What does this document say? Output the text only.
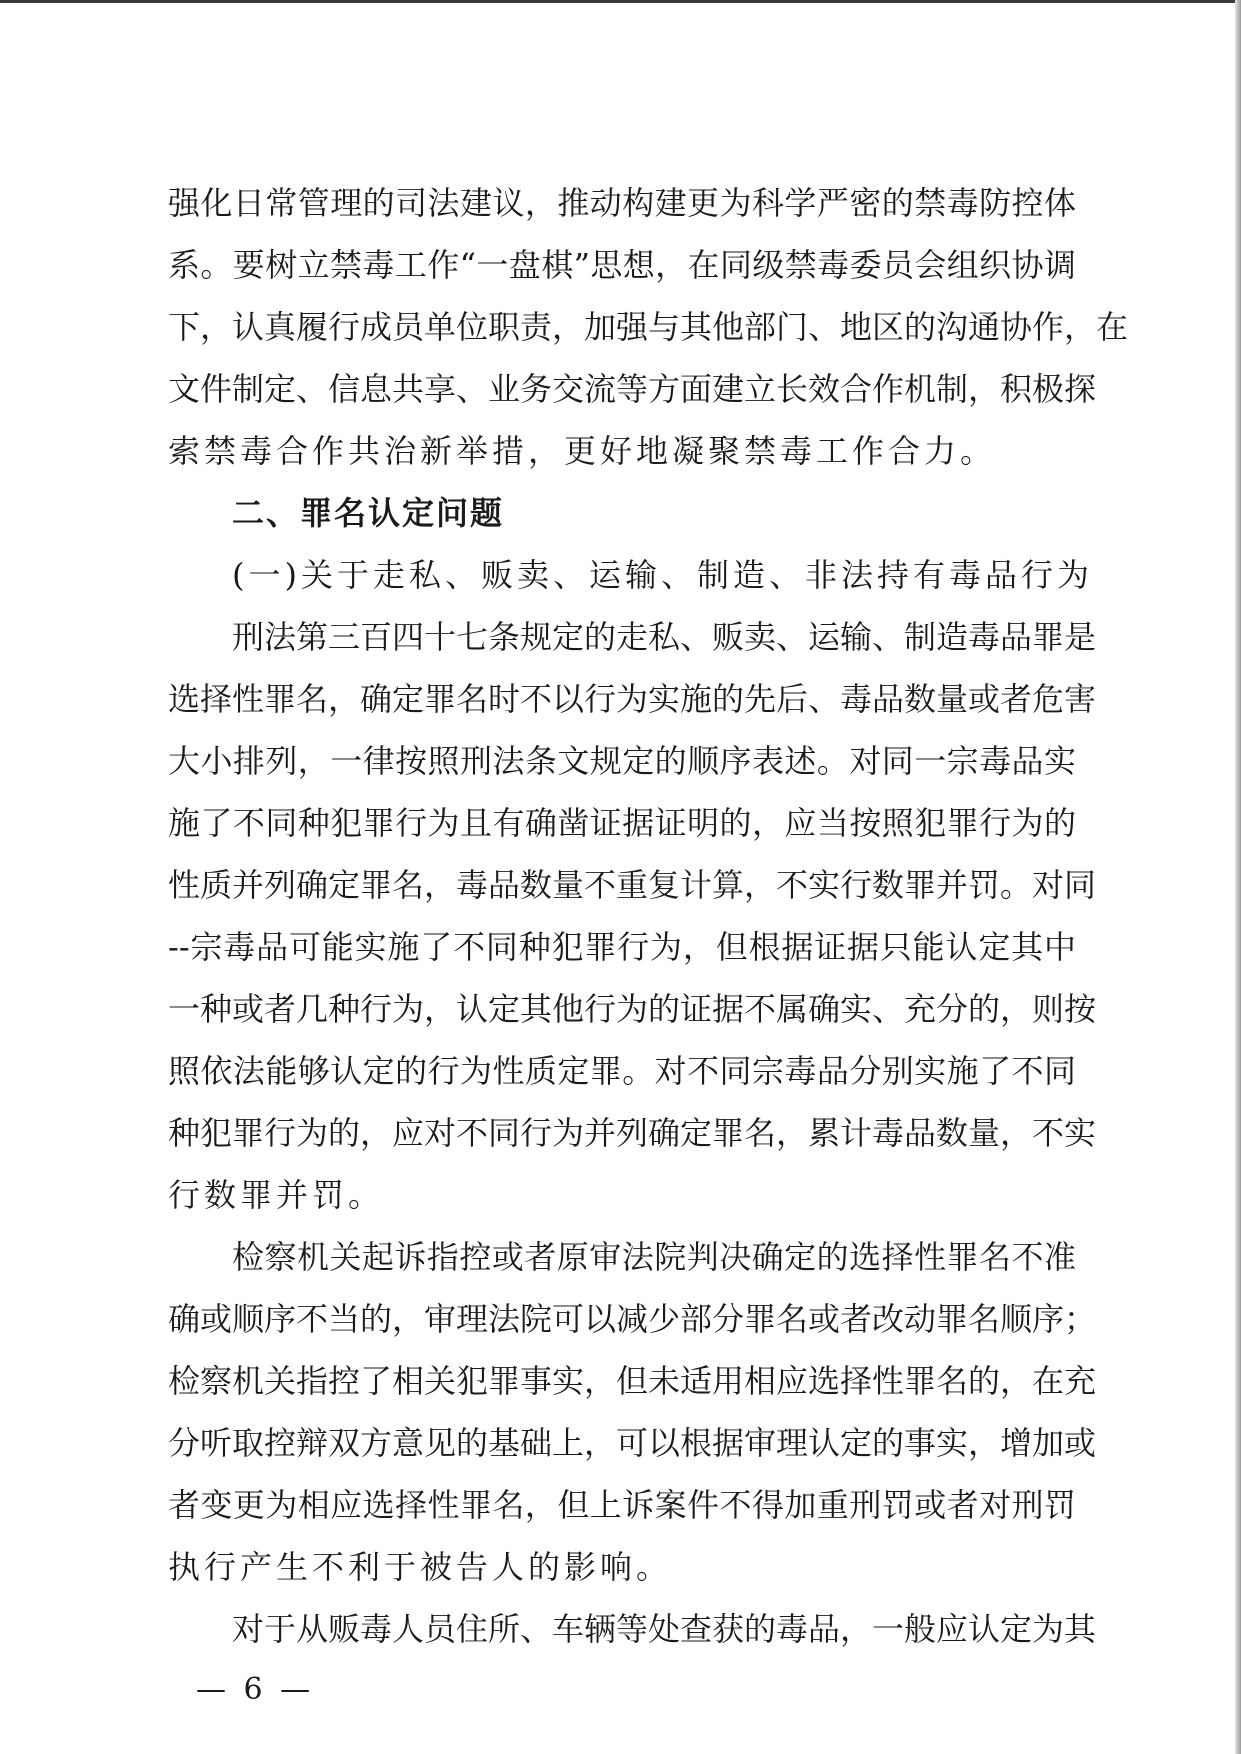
强化日常管理的司法建议，推动构建更为科学严密的禁毒防控体
系。要树立禁毒工作“一盘棋”思想，在同级禁毒委员会组织协调
下，认真履行成员单位职责，加强与其他部门、地区的沟通协作，在
文件制定、信息共享、业务交流等方面建立长效合作机制，积极探
索禁毒合作共治新举措，更好地凝聚禁毒工作合力。
二、罪名认定问题
(一)关于走私、贩卖、运输、制造、非法持有毒品行为
刑法第三百四十七条规定的走私、贩卖、运输、制造毒品罪是
选择性罪名，确定罪名时不以行为实施的先后、毒品数量或者危害
大小排列，一律按照刑法条文规定的顺序表述。对同一宗毒品实
施了不同种犯罪行为且有确凿证据证明的，应当按照犯罪行为的
性质并列确定罪名，毒品数量不重复计算，不实行数罪并罚。对同
--宗毒品可能实施了不同种犯罪行为，但根据证据只能认定其中
一种或者几种行为，认定其他行为的证据不属确实、充分的，则按
照依法能够认定的行为性质定罪。对不同宗毒品分别实施了不同
种犯罪行为的，应对不同行为并列确定罪名，累计毒品数量，不实
行数罪并罚。
检察机关起诉指控或者原审法院判决确定的选择性罪名不准
确或顺序不当的，审理法院可以减少部分罪名或者改动罪名顺序；
检察机关指控了相关犯罪事实，但未适用相应选择性罪名的，在充
分听取控辩双方意见的基础上，可以根据审理认定的事实，增加或
者变更为相应选择性罪名，但上诉案件不得加重刑罚或者对刑罚
执行产生不利于被告人的影响。
对于从贩毒人员住所、车辆等处查获的毒品，一般应认定为其
— 6 —
